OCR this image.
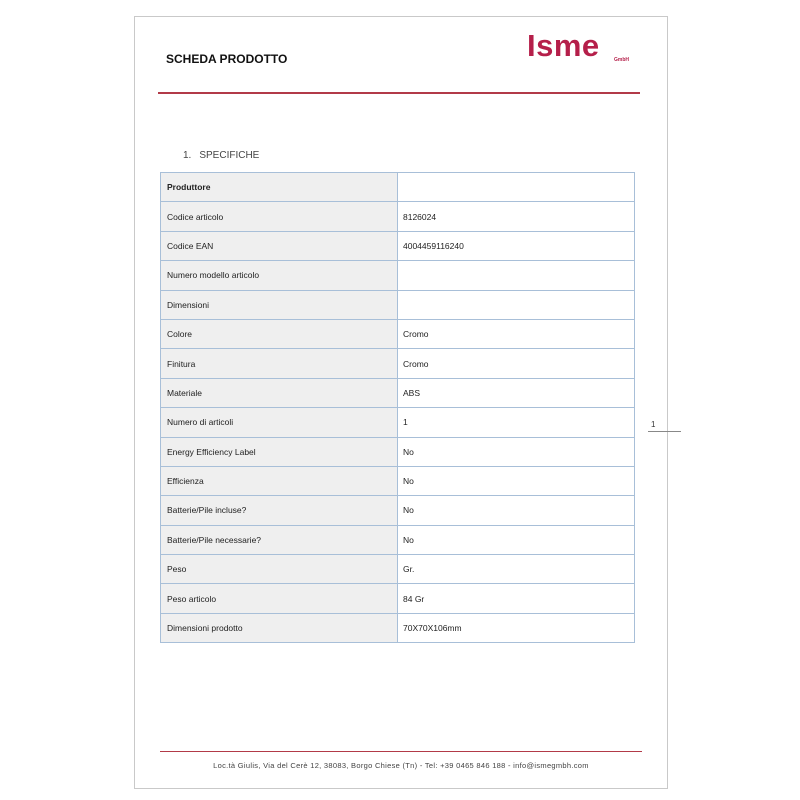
SCHEDA PRODOTTO	Isme	GmbH
1. SPECIFICHE
Produttore	
Codice articolo	8126024
Codice EAN	4004459116240
Numero modello articolo	
Dimensioni	
Colore	Cromo
Finitura	Cromo
Materiale	ABS
Numero di articoli	1
Energy Efficiency Label	No
Efficienza	No
Batterie/Pile incluse?	No
Batterie/Pile necessarie?	No
Peso	Gr.
Peso articolo	84 Gr
Dimensioni prodotto	70X70X106mm
1
Loc.tà Giulis, Via del Cerè 12, 38083, Borgo Chiese (Tn) - Tel: +39 0465 846 188 - info@ismegmbh.com
